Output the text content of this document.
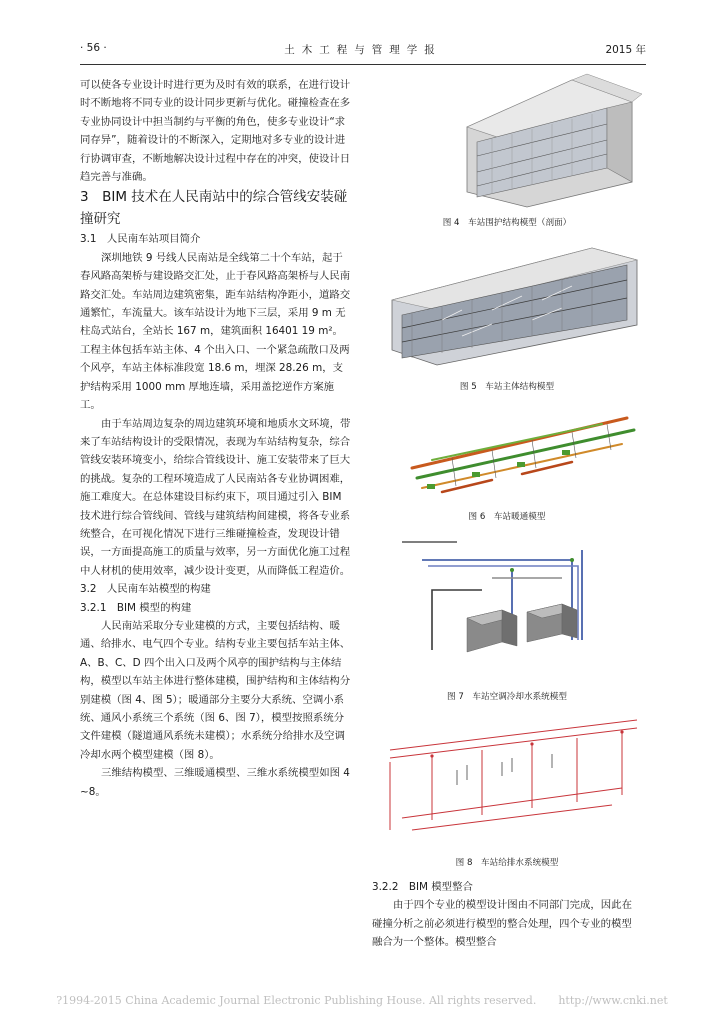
· 56 ·	土木工程与管理学报	2015 年

可以使各专业设计时进行更为及时有效的联系，在进行设计时不断地将不同专业的设计同步更新与优化。碰撞检查在多专业协同设计中担当制约与平衡的角色，使多专业设计“求同存异”，随着设计的不断深入，定期地对多专业的设计进行协调审查，不断地解决设计过程中存在的冲突，使设计日趋完善与准确。

3　BIM 技术在人民南站中的综合管线安装碰撞研究

3.1　人民南车站项目简介

深圳地铁 9 号线人民南站是全线第二十个车站，起于春风路高架桥与建设路交汇处，止于春风路高架桥与人民南路交汇处。车站周边建筑密集，距车站结构净距小，道路交通繁忙，车流量大。该车站设计为地下三层，采用 9 m 无柱岛式站台，全站长 167 m，建筑面积 16401 19 m²。工程主体包括车站主体、4 个出入口、一个紧急疏散口及两个风亭，车站主体标准段宽 18.6 m，埋深 28.26 m，支护结构采用 1000 mm 厚地连墙，采用盖挖逆作方案施工。

由于车站周边复杂的周边建筑环境和地质水文环境，带来了车站结构设计的受限情况，表现为车站结构复杂，综合管线安装环境变小，给综合管线设计、施工安装带来了巨大的挑战。复杂的工程环境造成了人民南站各专业协调困难，施工难度大。在总体建设目标约束下，项目通过引入 BIM 技术进行综合管线间、管线与建筑结构间建模，将各专业系统整合，在可视化情况下进行三维碰撞检查，发现设计错误，一方面提高施工的质量与效率，另一方面优化施工过程中人材机的使用效率，减少设计变更，从而降低工程造价。

3.2　人民南车站模型的构建

3.2.1　BIM 模型的构建

人民南站采取分专业建模的方式，主要包括结构、暖通、给排水、电气四个专业。结构专业主要包括车站主体、A、B、C、D 四个出入口及两个风亭的围护结构与主体结构，模型以车站主体进行整体建模，围护结构和主体结构分别建模（图 4、图 5）；暖通部分主要分大系统、空调小系统、通风小系统三个系统（图 6、图 7），模型按照系统分文件建模（隧道通风系统未建模）；水系统分给排水及空调冷却水两个模型建模（图 8）。

三维结构模型、三维暖通模型、三维水系统模型如图 4 ~8。

图 4　车站围护结构模型（剖面）
图 5　车站主体结构模型
图 6　车站暖通模型
图 7　车站空调冷却水系统模型
图 8　车站给排水系统模型

3.2.2　BIM 模型整合

由于四个专业的模型设计图由不同部门完成，因此在碰撞分析之前必须进行模型的整合处理，四个专业的模型融合为一个整体。模型整合

?1994-2015 China Academic Journal Electronic Publishing House. All rights reserved.　　http://www.cnki.net
